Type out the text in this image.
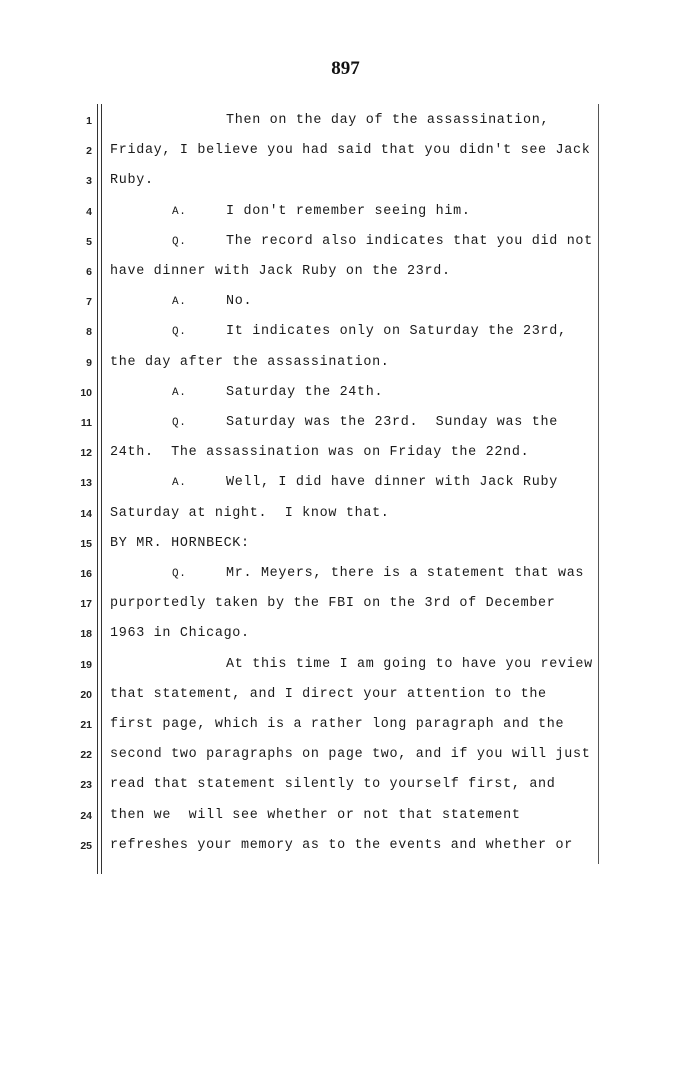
897
1	Then on the day of the assassination,
2 Friday, I believe you had said that you didn't see Jack
3 Ruby.
4	A.	I don't remember seeing him.
5	Q.	The record also indicates that you did not
6 have dinner with Jack Ruby on the 23rd.
7	A.	No.
8	Q.	It indicates only on Saturday the 23rd,
9 the day after the assassination.
10	A.	Saturday the 24th.
11	Q.	Saturday was the 23rd.  Sunday was the
12 24th.  The assassination was on Friday the 22nd.
13	A.	Well, I did have dinner with Jack Ruby
14 Saturday at night.  I know that.
15 BY MR. HORNBECK:
16	Q.	Mr. Meyers, there is a statement that was
17 purportedly taken by the FBI on the 3rd of December
18 1963 in Chicago.
19	At this time I am going to have you review
20 that statement, and I direct your attention to the
21 first page, which is a rather long paragraph and the
22 second two paragraphs on page two, and if you will just
23 read that statement silently to yourself first, and
24 then we  will see whether or not that statement
25 refreshes your memory as to the events and whether or
